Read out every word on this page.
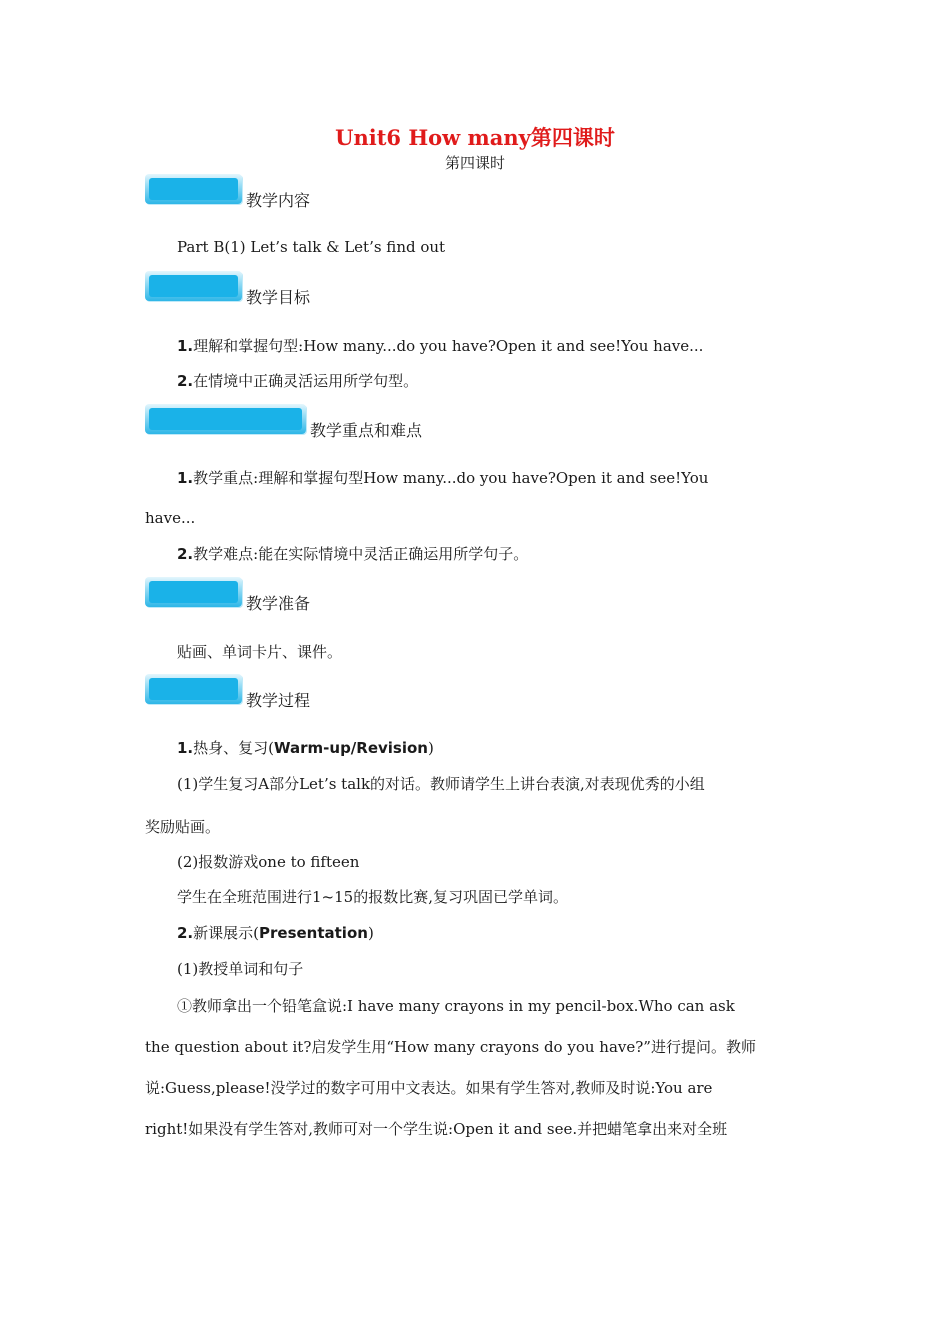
Unit6 How many第四课时
第四课时
教学内容
Part B(1) Let’s talk & Let’s find out
教学目标
1.理解和掌握句型:How many...do you have?Open it and see!You have...
2.在情境中正确灵活运用所学句型。
教学重点和难点
1.教学重点:理解和掌握句型How many...do you have?Open it and see!You
have...
2.教学难点:能在实际情境中灵活正确运用所学句子。
教学准备
贴画、单词卡片、课件。
教学过程
1.热身、复习(Warm-up/Revision)
(1)学生复习A部分Let’s talk的对话。教师请学生上讲台表演,对表现优秀的小组
奖励贴画。
(2)报数游戏one to fifteen
学生在全班范围进行1~15的报数比赛,复习巩固已学单词。
2.新课展示(Presentation)
(1)教授单词和句子
①教师拿出一个铅笔盒说:I have many crayons in my pencil-box.Who can ask
the question about it?启发学生用“How many crayons do you have?”进行提问。教师
说:Guess,please!没学过的数字可用中文表达。如果有学生答对,教师及时说:You are
right!如果没有学生答对,教师可对一个学生说:Open it and see.并把蜡笔拿出来对全班
